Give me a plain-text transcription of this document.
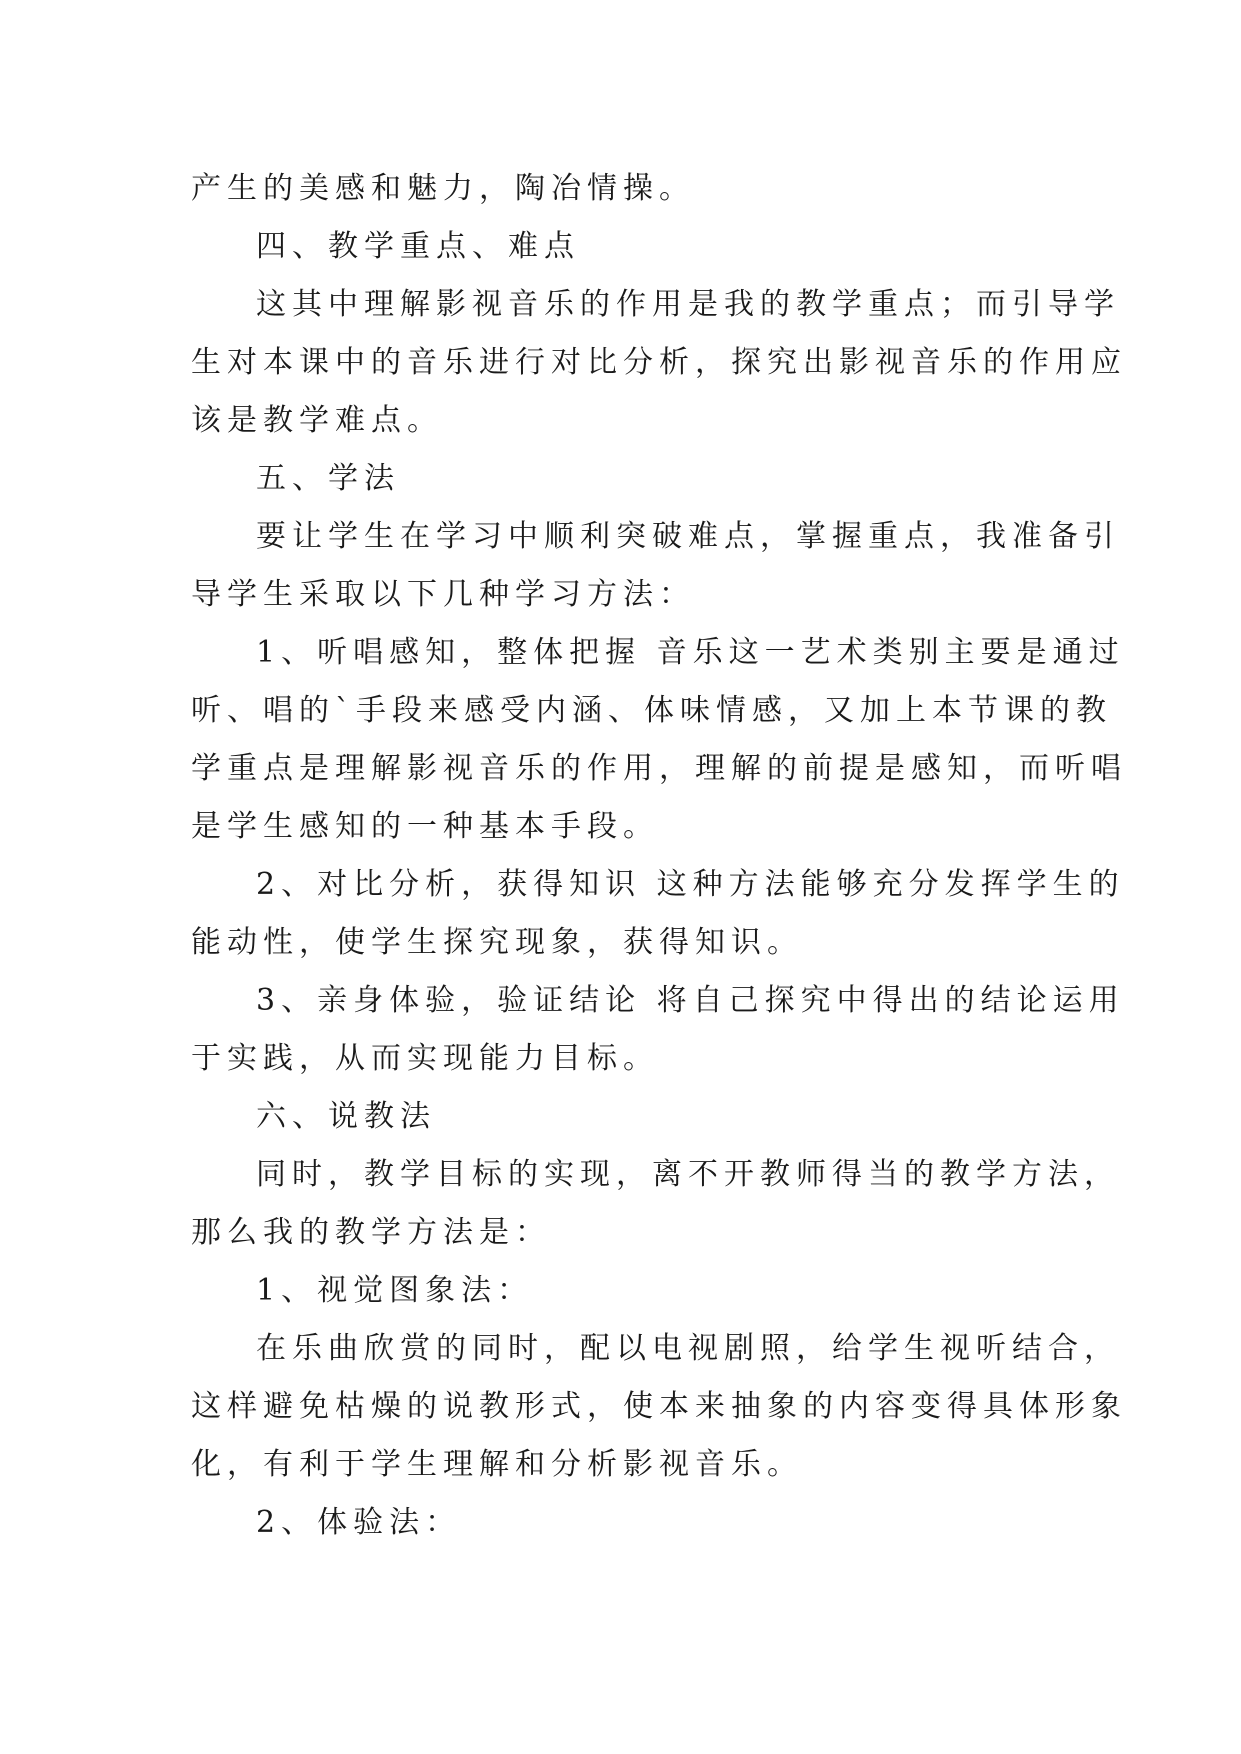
产生的美感和魅力，陶冶情操。
四、教学重点、难点
这其中理解影视音乐的作用是我的教学重点；而引导学
生对本课中的音乐进行对比分析，探究出影视音乐的作用应
该是教学难点。
五、学法
要让学生在学习中顺利突破难点，掌握重点，我准备引
导学生采取以下几种学习方法：
1、听唱感知，整体把握 音乐这一艺术类别主要是通过
听、唱的`手段来感受内涵、体味情感，又加上本节课的教
学重点是理解影视音乐的作用，理解的前提是感知，而听唱
是学生感知的一种基本手段。
2、对比分析，获得知识 这种方法能够充分发挥学生的
能动性，使学生探究现象，获得知识。
3、亲身体验，验证结论 将自己探究中得出的结论运用
于实践，从而实现能力目标。
六、说教法
同时，教学目标的实现，离不开教师得当的教学方法，
那么我的教学方法是：
1、视觉图象法：
在乐曲欣赏的同时，配以电视剧照，给学生视听结合，
这样避免枯燥的说教形式，使本来抽象的内容变得具体形象
化，有利于学生理解和分析影视音乐。
2、体验法：
